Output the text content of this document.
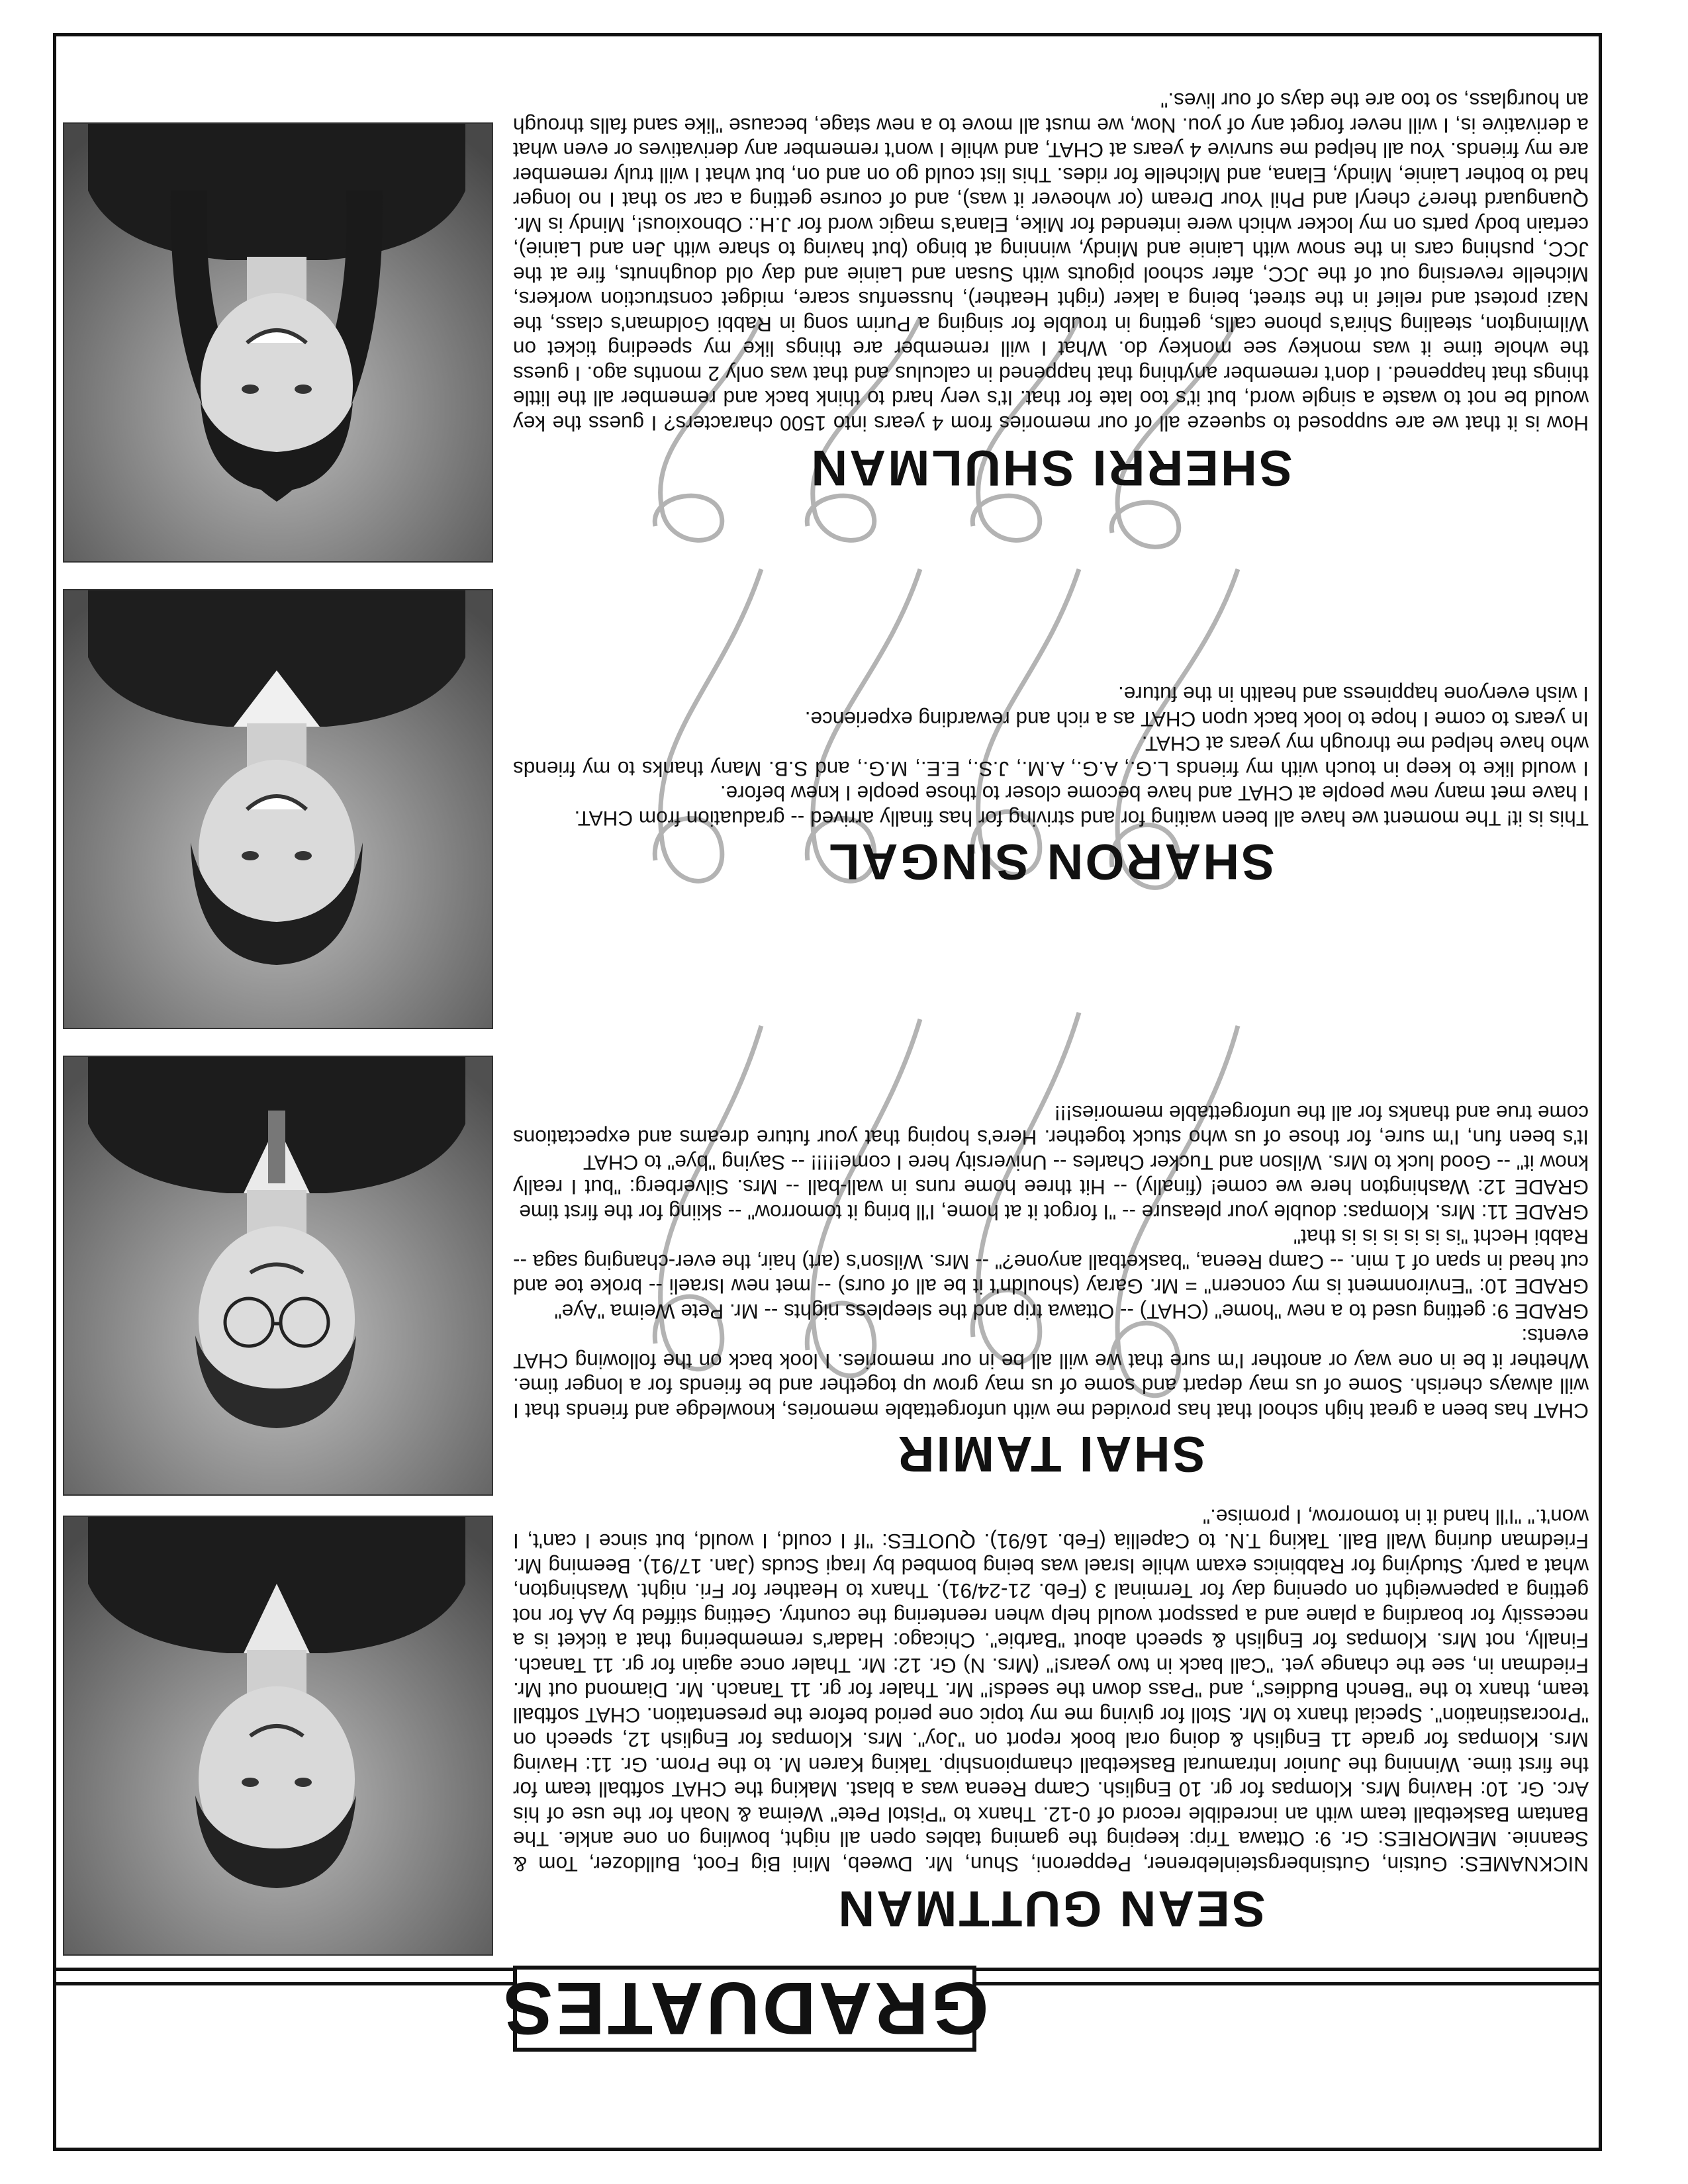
GRADUATES
SEAN GUTTMAN

NICKNAMES: Gutsin, Gutsinbergsteinlebrener, Pepperoni, Shun, Mr. Dweeb, Mini Big Foot, Bulldozer, Tom & Seannie. MEMORIES: Gr. 9: Ottawa Trip: keeping the gaming tables open all night, bowling on one ankle. The Bantam Basketball team with an incredible record of 0-12. Thanx to "Pistol Pete" Weima & Noah for the use of his Arc. Gr. 10: Having Mrs. Klompas for gr. 10 English. Camp Reena was a blast. Making the CHAT softball team for the first time. Winning the Junior Intramural Basketball championship. Taking Karen M. to the Prom. Gr. 11: Having Mrs. Klompas for grade 11 English & doing oral book report on "Joy". Mrs. Klompas for English 12, speech on "Procrastination". Special thanx to Mr. Stoll for giving me my topic one period before the presentation. CHAT softball team, thanx to the "Bench Buddies", and "Pass down the seeds!" Mr. Thaler for gr. 11 Tanach. Mr. Diamond out Mr. Friedman in, see the change yet. "Call back in two years!" (Mrs. N) Gr. 12: Mr. Thaler once again for gr. 11 Tanach. Finally, not Mrs. Klompas for English & speech about "Barbie". Chicago: Hadar's remembering that a ticket is a necessity for boarding a plane and a passport would help when reentering the country. Getting stiffed by AA for not getting a paperweight on opening day for Terminal 3 (Feb. 21-24/91). Thanx to Heather for Fri. night. Washington, what a party. Studying for Rabbinics exam while Israel was being bombed by Iraqi Scuds (Jan. 17/91). Beeming Mr. Friedman during Wall Ball. Taking T.N. to Capellia (Feb. 16/91). QUOTES: "If I could, I would, but since I can't, I won't." "I'll hand it in tomorrow, I promise."

SHAI TAMIR

CHAT has been a great high school that has provided me with unforgettable memories, knowledge and friends that I will always cherish. Some of us may depart and some of us may grow up together and be friends for a longer time. Whether it be in one way or another I'm sure that we will all be in our memories. I look back on the following CHAT events:

GRADE 9: getting used to a new "home" (CHAT) -- Ottawa trip and the sleepless nights -- Mr. Pete Weima "Aye"

GRADE 10: "Environment is my concern" = Mr. Garay (shouldn't it be all of ours) -- met new Israeli -- broke toe and cut head in span of 1 min. -- Camp Reena, "basketball anyone?" -- Mrs. Wilson's (art) hair, the ever-changing saga -- Rabbi Hecht "is is is is is is that"

GRADE 11: Mrs. Klompas: double your pleasure -- "I forgot it at home, I'll bring it tomorrow" -- skiing for the first time

GRADE 12: Washington here we come! (finally) -- Hit three home runs in wall-ball -- Mrs. Silverberg: "but I really know it" -- Good luck to Mrs. Wilson and Tucker Charles -- University here I come!!!!! -- Saying "bye" to CHAT

It's been fun, I'm sure, for those of us who stuck together. Here's hoping that your future dreams and expectations come true and thanks for all the unforgettable memories!!!

SHARON SINGAL

This is it! The moment we have all been waiting for and striving for has finally arrived -- graduation from CHAT.

I have met many new people at CHAT and have become closer to those people I knew before.

I would like to keep in touch with my friends L.G., A.G., A.M., J.S., E.E., M.G., and S.B. Many thanks to my friends who have helped me through my years at CHAT.

In years to come I hope to look back upon CHAT as a rich and rewarding experience.

I wish everyone happiness and health in the future.

SHERRI SHULMAN

How is it that we are supposed to squeeze all of our memories from 4 years into 1500 characters? I guess the key would be not to waste a single word, but it's too late for that. It's very hard to think back and remember all the little things that happened. I don't remember anything that happened in calculus and that was only 2 months ago. I guess the whole time it was monkey see monkey do. What I will remember are things like my speeding ticket on Wilmington, stealing Shira's phone calls, getting in trouble for singing a Purim song in Rabbi Goldman's class, the Nazi protest and relief in the street, being a laker (right Heather), hussenfus scare, midget construction workers, Michelle reversing out of the JCC, after school pigouts with Susan and Lainie and day old doughnuts, fire at the JCC, pushing cars in the snow with Lainie and Mindy, winning at bingo (but having to share with Jen and Lainie), certain body parts on my locker which were intended for Mike, Elana's magic word for J.H.: Obnoxious!, Mindy is Mr. Quanguard there? cheryl and Phil Your Dream (or whoever it was), and of course getting a car so that I no longer had to bother Lainie, Mindy, Elana, and Michelle for rides. This list could go on and on, but what I will truly remember are my friends. You all helped me survive 4 years at CHAT, and while I won't remember any derivatives or even what a derivative is, I will never forget any of you. Now, we must all move to a new stage, because "like sand falls through an hourglass, so too are the days of our lives."
